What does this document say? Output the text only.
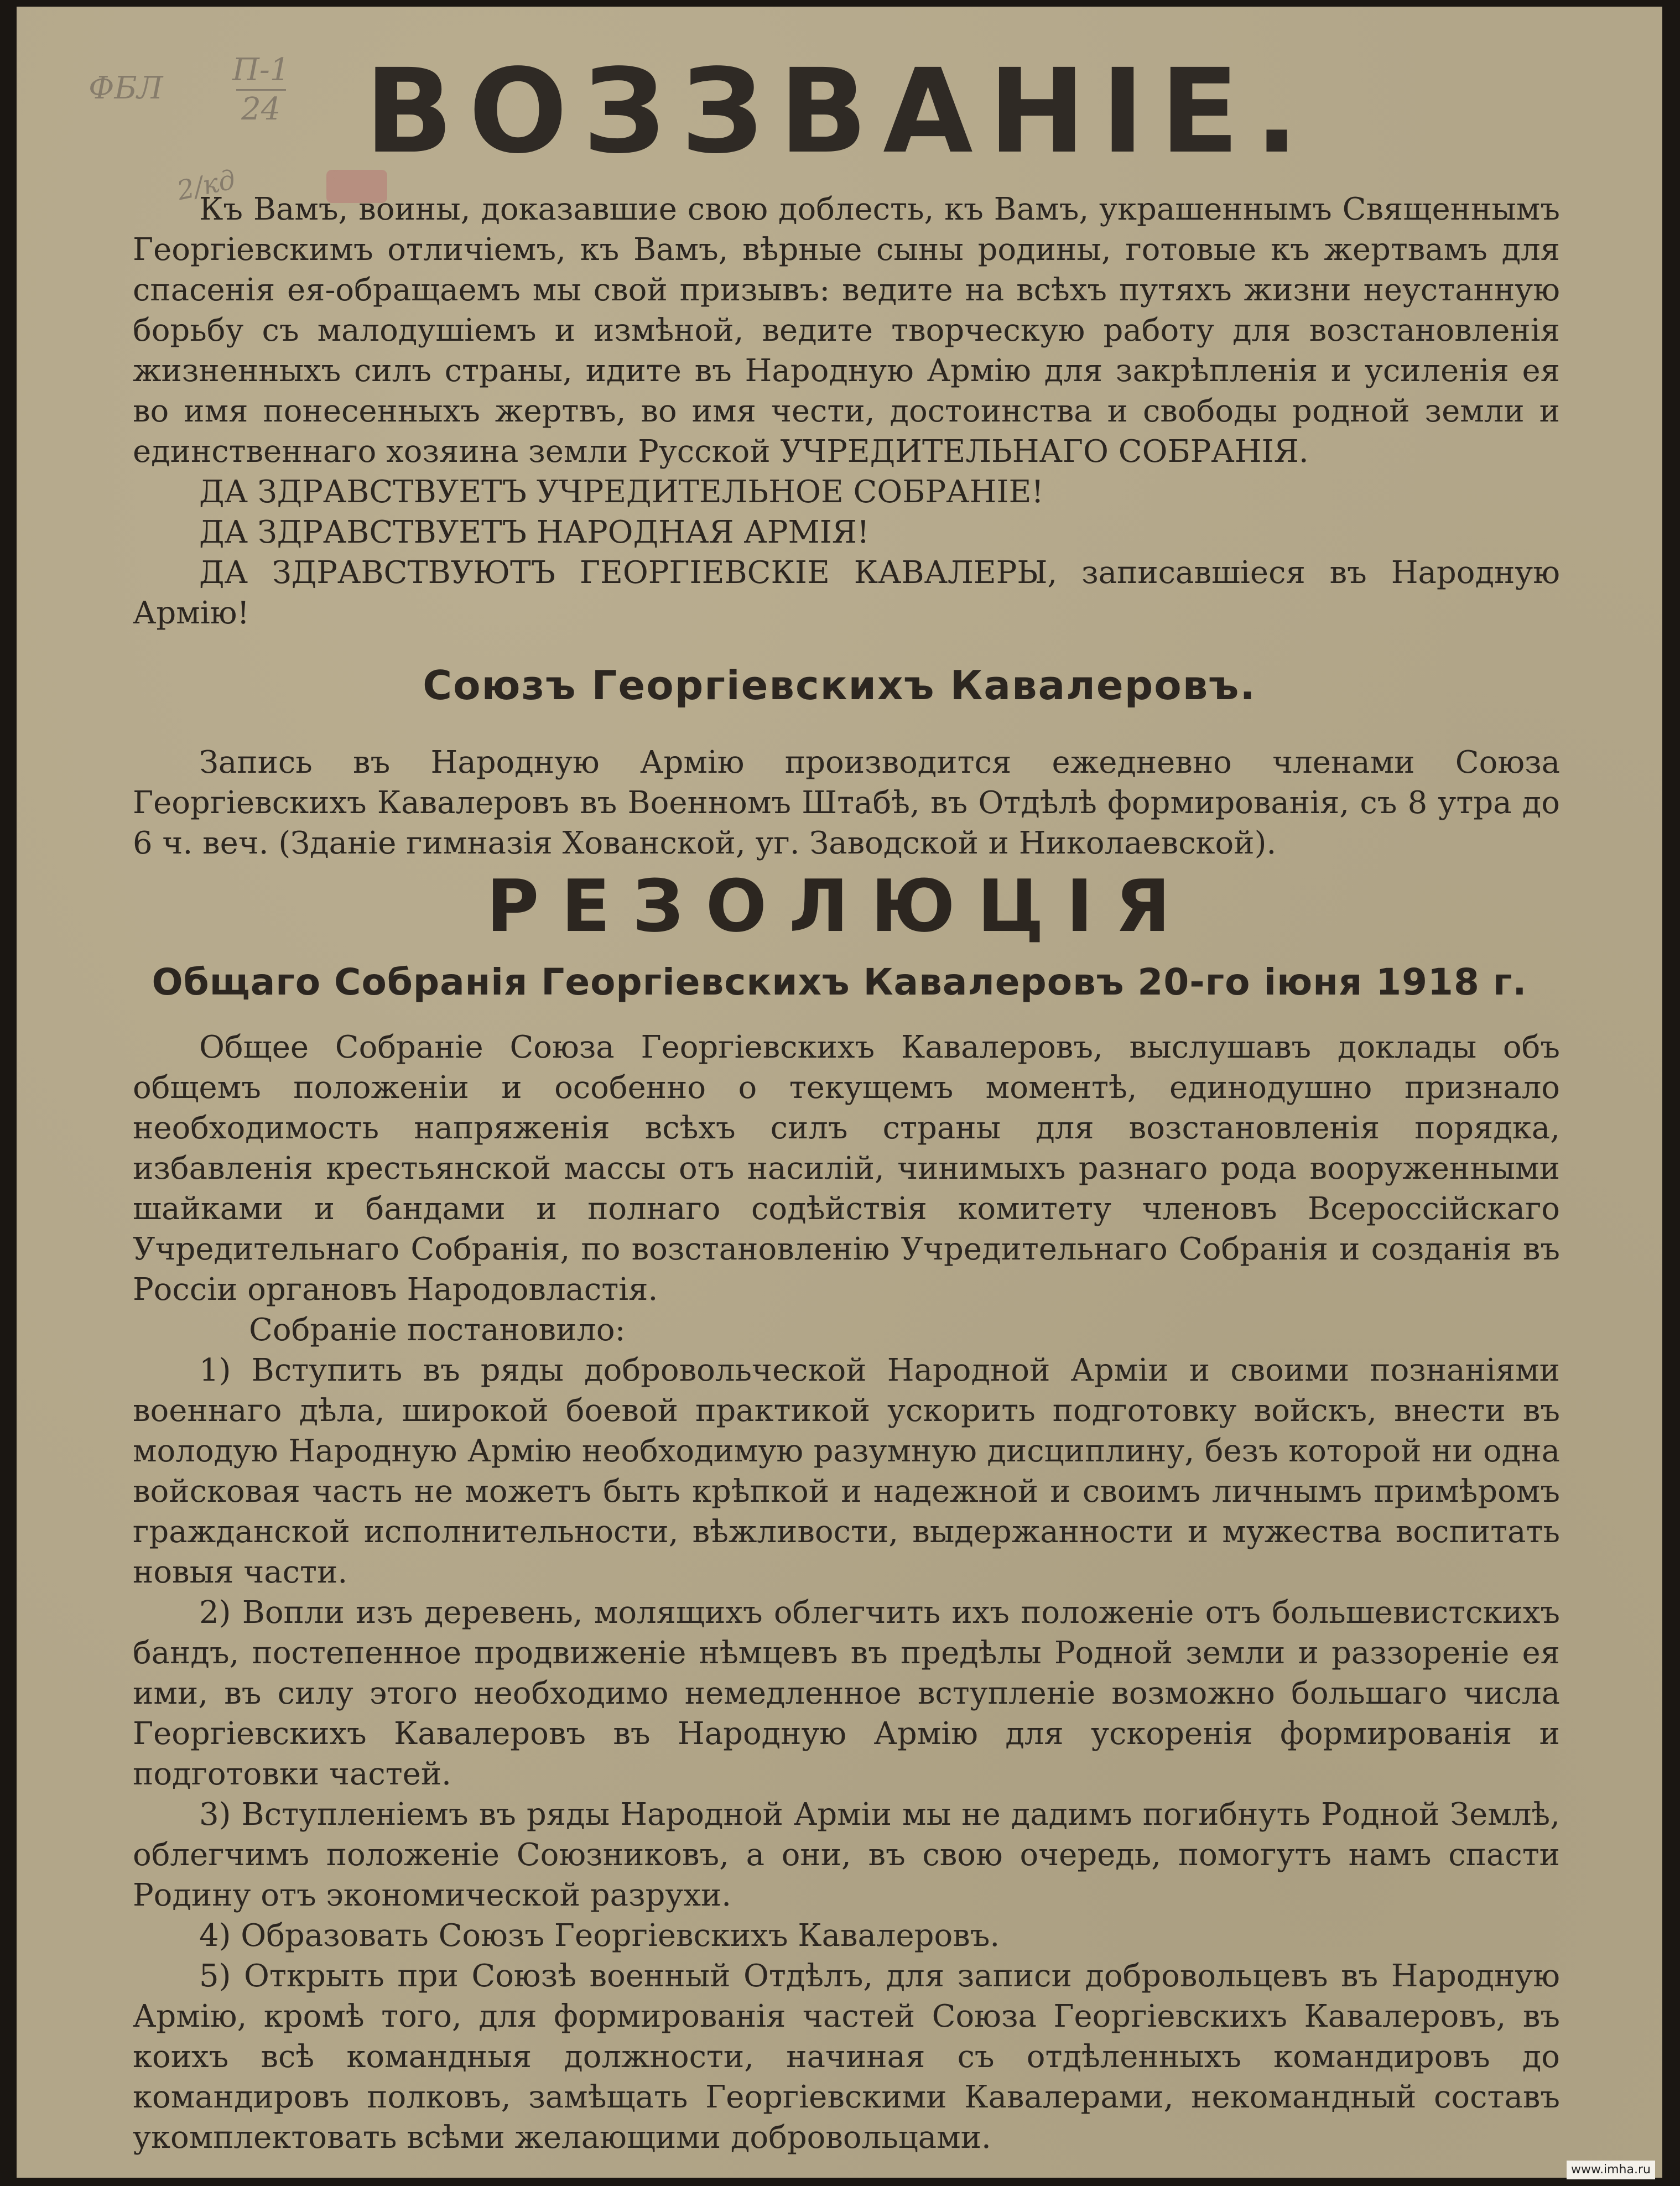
ФБЛ
П-1
24
2/кд
ВОЗЗВАНІЕ.

Къ Вамъ, воины, доказавшие свою доблесть, къ Вамъ, украшеннымъ Священнымъ Георгіевскимъ отличіемъ, къ Вамъ, вѣрные сыны родины, готовые къ жертвамъ для спасенія ея-обращаемъ мы свой призывъ: ведите на всѣхъ путяхъ жизни неустанную борьбу съ малодушіемъ и измѣной, ведите творческую работу для возстановленія жизненныхъ силъ страны, идите въ Народную Армію для закрѣпленія и усиленія ея во имя понесенныхъ жертвъ, во имя чести, достоинства и свободы родной земли и единственнаго хозяина земли Русской УЧРЕДИТЕЛЬНАГО СОБРАНІЯ.

ДА ЗДРАВСТВУЕТЪ УЧРЕДИТЕЛЬНОЕ СОБРАНІЕ!

ДА ЗДРАВСТВУЕТЪ НАРОДНАЯ АРМІЯ!

ДА ЗДРАВСТВУЮТЪ ГЕОРГІЕВСКІЕ КАВАЛЕРЫ, записавшіеся въ Народную Армію!

Союзъ Георгіевскихъ Кавалеровъ.

Запись въ Народную Армію производится ежедневно членами Союза Георгіевскихъ Кавалеровъ въ Военномъ Штабѣ, въ Отдѣлѣ формированія, съ 8 утра до 6 ч. веч. (Зданіе гимназія Хованской, уг. Заводской и Николаевской).

РЕЗОЛЮЦІЯ
Общаго Собранія Георгіевскихъ Кавалеровъ 20-го іюня 1918 г.

Общее Собраніе Союза Георгіевскихъ Кавалеровъ, выслушавъ доклады объ общемъ положеніи и особенно о текущемъ моментѣ, единодушно признало необходимость напряженія всѣхъ силъ страны для возстановленія порядка, избавленія крестьянской массы отъ насилій, чинимыхъ разнаго рода вооруженными шайками и бандами и полнаго содѣйствія комитету членовъ Всероссійскаго Учредительнаго Собранія, по возстановленію Учредительнаго Собранія и созданія въ Россіи органовъ Народовластія.

Собраніе постановило:

1) Вступить въ ряды добровольческой Народной Арміи и своими познаніями военнаго дѣла, широкой боевой практикой ускорить подготовку войскъ, внести въ молодую Народную Армію необходимую разумную дисциплину, безъ которой ни одна войсковая часть не можетъ быть крѣпкой и надежной и своимъ личнымъ примѣромъ гражданской исполнительности, вѣжливости, выдержанности и мужества воспитать новыя части.

2) Вопли изъ деревень, молящихъ облегчить ихъ положеніе отъ большевистскихъ бандъ, постепенное продвиженіе нѣмцевъ въ предѣлы Родной земли и раззореніе ея ими, въ силу этого необходимо немедленное вступленіе возможно большаго числа Георгіевскихъ Кавалеровъ въ Народную Армію для ускоренія формированія и подготовки частей.

3) Вступленіемъ въ ряды Народной Арміи мы не дадимъ погибнуть Родной Землѣ, облегчимъ положеніе Союзниковъ, а они, въ свою очередь, помогутъ намъ спасти Родину отъ экономической разрухи.

4) Образовать Союзъ Георгіевскихъ Кавалеровъ.

5) Открыть при Союзѣ военный Отдѣлъ, для записи добровольцевъ въ Народную Армію, кромѣ того, для формированія частей Союза Георгіевскихъ Кавалеровъ, въ коихъ всѣ командныя должности, начиная съ отдѣленныхъ командировъ до командировъ полковъ, замѣщать Георгіевскими Кавалерами, некомандный составъ укомплектовать всѣми желающими добровольцами.

www.imha.ru
